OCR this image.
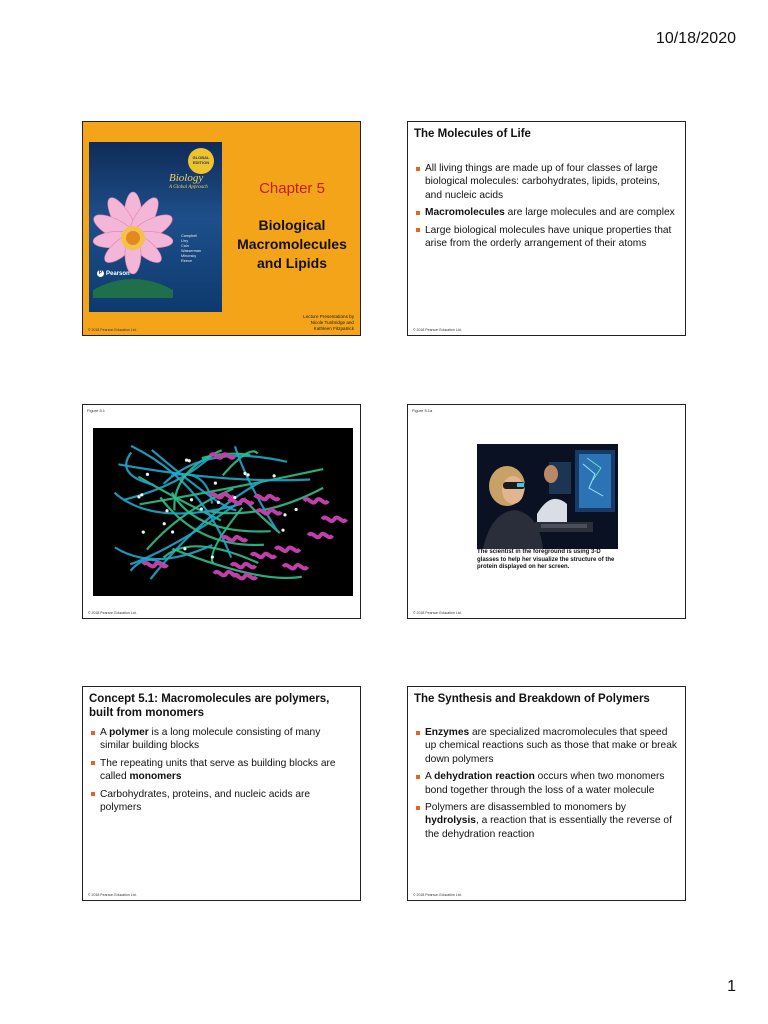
10/18/2020
GLOBAL EDITION
Biology
A Global Approach
Campbell
Urry
Cain
Wasserman
Minorsky
Reece
P Pearson
Chapter 5
Biological
Macromolecules
and Lipids
Lecture Presentations by
Nicole Tunbridge and
Kathleen Fitzpatrick
© 2018 Pearson Education Ltd.
The Molecules of Life
All living things are made up of four classes of large biological molecules: carbohydrates, lipids, proteins, and nucleic acids
Macromolecules are large molecules and are complex
Large biological molecules have unique properties that arise from the orderly arrangement of their atoms
© 2018 Pearson Education Ltd.
Figure 5.1
© 2018 Pearson Education Ltd.
Figure 5.1a
The scientist in the foreground is using 3-D glasses to help her visualize the structure of the protein displayed on her screen.
© 2018 Pearson Education Ltd.
Concept 5.1: Macromolecules are polymers, built from monomers
A polymer is a long molecule consisting of many similar building blocks
The repeating units that serve as building blocks are called monomers
Carbohydrates, proteins, and nucleic acids are polymers
© 2018 Pearson Education Ltd.
The Synthesis and Breakdown of Polymers
Enzymes are specialized macromolecules that speed up chemical reactions such as those that make or break down polymers
A dehydration reaction occurs when two monomers bond together through the loss of a water molecule
Polymers are disassembled to monomers by hydrolysis, a reaction that is essentially the reverse of the dehydration reaction
© 2018 Pearson Education Ltd.
1
